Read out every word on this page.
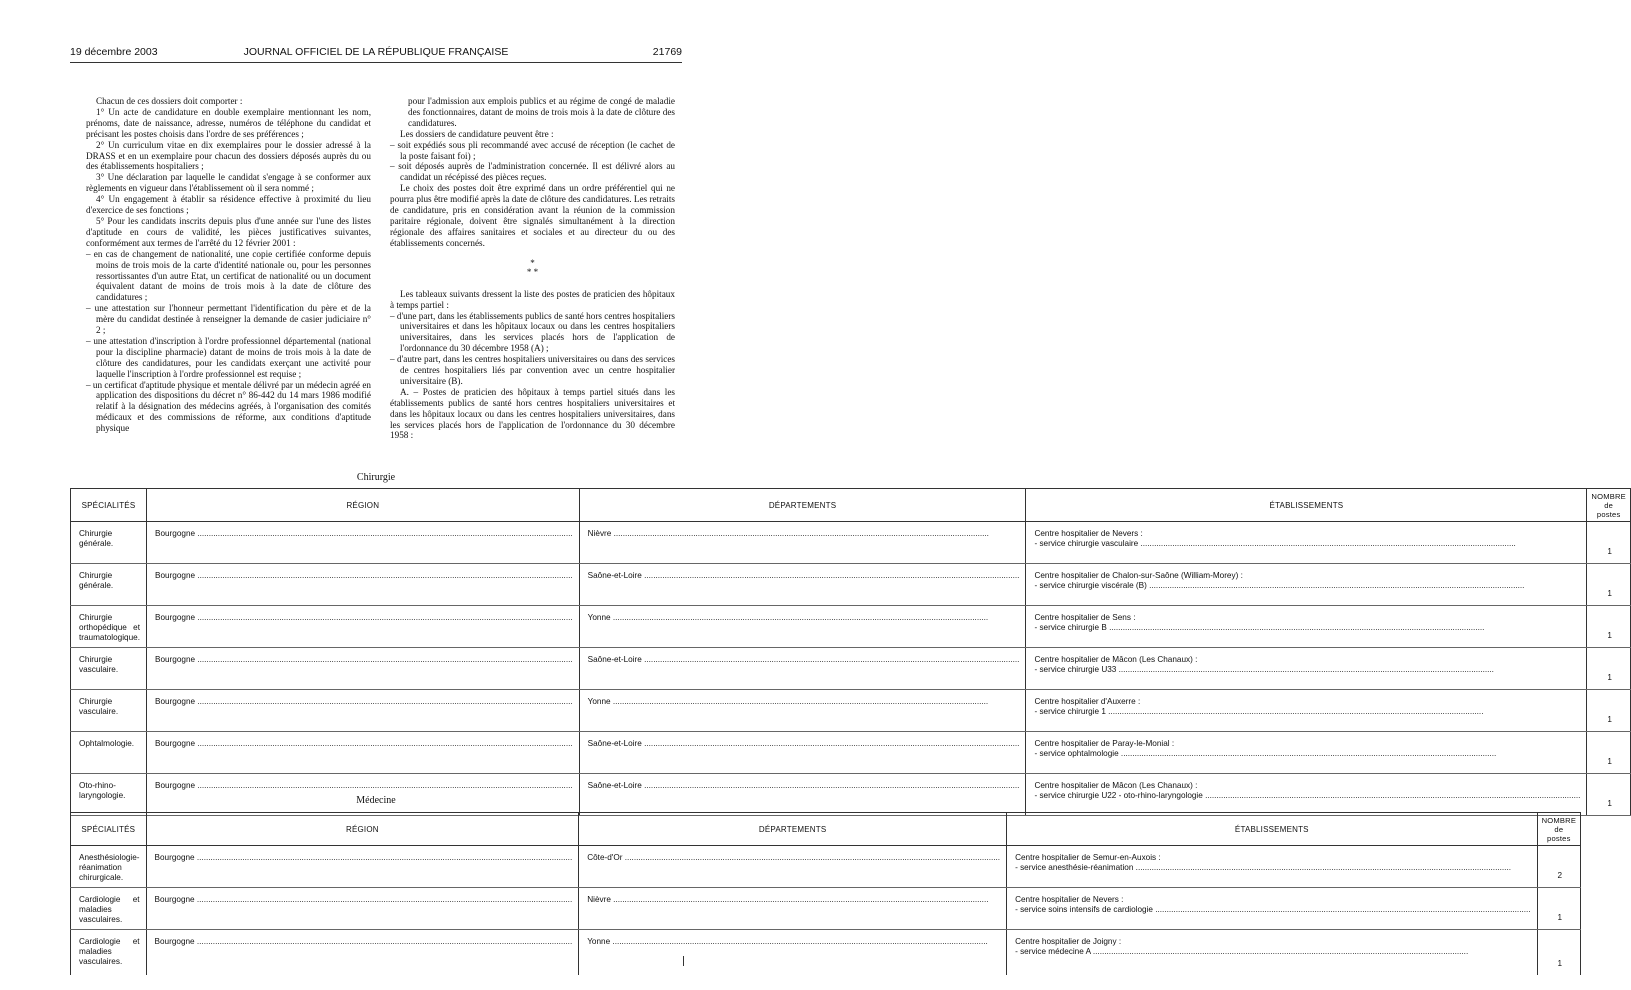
19 décembre 2003	JOURNAL OFFICIEL DE LA RÉPUBLIQUE FRANÇAISE	21769

Chacun de ces dossiers doit comporter :

1° Un acte de candidature en double exemplaire mentionnant les nom, prénoms, date de naissance, adresse, numéros de téléphone du candidat et précisant les postes choisis dans l'ordre de ses préférences ;

2° Un curriculum vitae en dix exemplaires pour le dossier adressé à la DRASS et en un exemplaire pour chacun des dossiers déposés auprès du ou des établissements hospitaliers ;

3° Une déclaration par laquelle le candidat s'engage à se conformer aux règlements en vigueur dans l'établissement où il sera nommé ;

4° Un engagement à établir sa résidence effective à proximité du lieu d'exercice de ses fonctions ;

5° Pour les candidats inscrits depuis plus d'une année sur l'une des listes d'aptitude en cours de validité, les pièces justificatives suivantes, conformément aux termes de l'arrêté du 12 février 2001 :

– en cas de changement de nationalité, une copie certifiée conforme depuis moins de trois mois de la carte d'identité nationale ou, pour les personnes ressortissantes d'un autre Etat, un certificat de nationalité ou un document équivalent datant de moins de trois mois à la date de clôture des candidatures ;

– une attestation sur l'honneur permettant l'identification du père et de la mère du candidat destinée à renseigner la demande de casier judiciaire n° 2 ;

– une attestation d'inscription à l'ordre professionnel départemental (national pour la discipline pharmacie) datant de moins de trois mois à la date de clôture des candidatures, pour les candidats exerçant une activité pour laquelle l'inscription à l'ordre professionnel est requise ;

– un certificat d'aptitude physique et mentale délivré par un médecin agréé en application des dispositions du décret n° 86-442 du 14 mars 1986 modifié relatif à la désignation des médecins agréés, à l'organisation des comités médicaux et des commissions de réforme, aux conditions d'aptitude physique

pour l'admission aux emplois publics et au régime de congé de maladie des fonctionnaires, datant de moins de trois mois à la date de clôture des candidatures.

Les dossiers de candidature peuvent être :

– soit expédiés sous pli recommandé avec accusé de réception (le cachet de la poste faisant foi) ;

– soit déposés auprès de l'administration concernée. Il est délivré alors au candidat un récépissé des pièces reçues.

Le choix des postes doit être exprimé dans un ordre préférentiel qui ne pourra plus être modifié après la date de clôture des candidatures. Les retraits de candidature, pris en considération avant la réunion de la commission paritaire régionale, doivent être signalés simultanément à la direction régionale des affaires sanitaires et sociales et au directeur du ou des établissements concernés.

*
* *

Les tableaux suivants dressent la liste des postes de praticien des hôpitaux à temps partiel :

– d'une part, dans les établissements publics de santé hors centres hospitaliers universitaires et dans les hôpitaux locaux ou dans les centres hospitaliers universitaires, dans les services placés hors de l'application de l'ordonnance du 30 décembre 1958 (A) ;

– d'autre part, dans les centres hospitaliers universitaires ou dans des services de centres hospitaliers liés par convention avec un centre hospitalier universitaire (B).

A. – Postes de praticien des hôpitaux à temps partiel situés dans les établissements publics de santé hors centres hospitaliers universitaires et dans les hôpitaux locaux ou dans les centres hospitaliers universitaires, dans les services placés hors de l'application de l'ordonnance du 30 décembre 1958 :

Chirurgie
SPÉCIALITÉS	RÉGION	DÉPARTEMENTS	ÉTABLISSEMENTS	NOMBRE
de postes

Chirurgie générale.	Bourgogne .....	Nièvre .....	Centre hospitalier de Nevers :
- service chirurgie vasculaire .....	1
Chirurgie générale.	Bourgogne .....	Saône-et-Loire .....	Centre hospitalier de Chalon-sur-Saône (William-Morey) :
- service chirurgie viscérale (B) .....	1
Chirurgie orthopédique et traumatologique.	Bourgogne .....	Yonne .....	Centre hospitalier de Sens :
- service chirurgie B .....	1
Chirurgie vasculaire.	Bourgogne .....	Saône-et-Loire .....	Centre hospitalier de Mâcon (Les Chanaux) :
- service chirurgie U33 .....	1
Chirurgie vasculaire.	Bourgogne .....	Yonne .....	Centre hospitalier d'Auxerre :
- service chirurgie 1 .....	1
Ophtalmologie.	Bourgogne .....	Saône-et-Loire .....	Centre hospitalier de Paray-le-Monial :
- service ophtalmologie .....	1
Oto-rhino-laryngologie.	Bourgogne .....	Saône-et-Loire .....	Centre hospitalier de Mâcon (Les Chanaux) :
- service chirurgie U22 - oto-rhino-laryngologie .....	1
Médecine
SPÉCIALITÉS	RÉGION	DÉPARTEMENTS	ÉTABLISSEMENTS	NOMBRE
de postes

Anesthésiologie-réanimation chirurgicale.	Bourgogne .....	Côte-d'Or .....	Centre hospitalier de Semur-en-Auxois :
- service anesthésie-réanimation .....	2
Cardiologie et maladies vasculaires.	Bourgogne .....	Nièvre .....	Centre hospitalier de Nevers :
- service soins intensifs de cardiologie .....	1
Cardiologie et maladies vasculaires.	Bourgogne .....	Yonne .....	Centre hospitalier de Joigny :
- service médecine A .....	1
